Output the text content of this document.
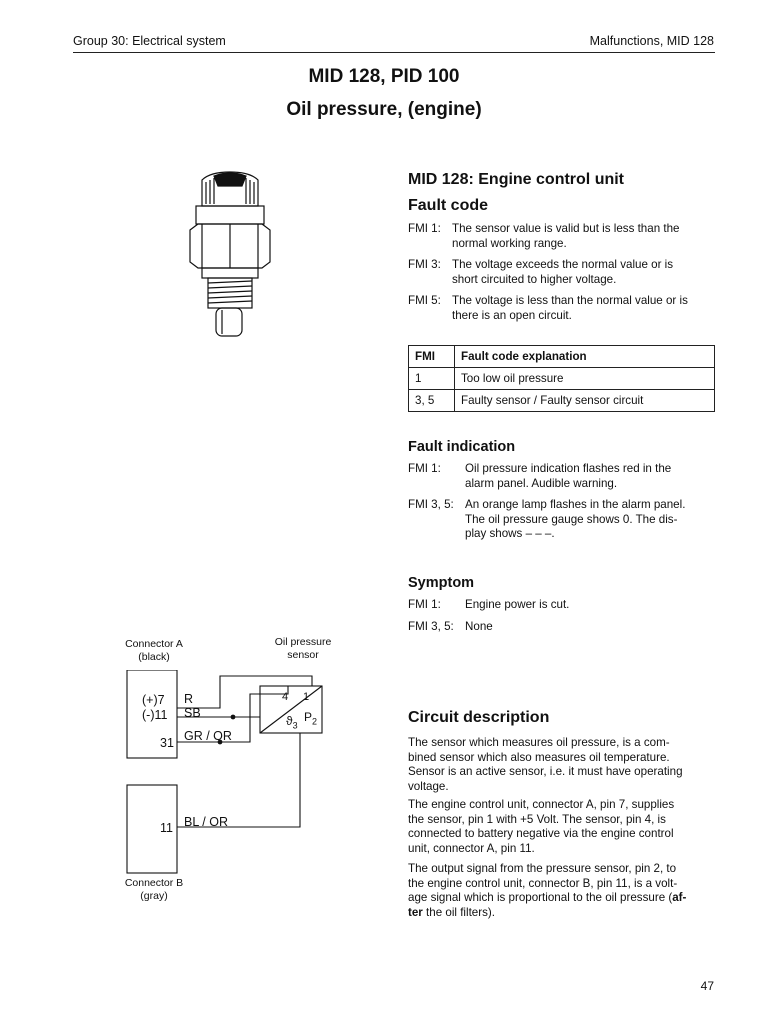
Group 30: Electrical system	Malfunctions, MID 128
MID 128, PID 100
Oil pressure, (engine)
MID 128: Engine control unit
Fault code
FMI 1: The sensor value is valid but is less than the
normal working range.
FMI 3: The voltage exceeds the normal value or is
short circuited to higher voltage.
FMI 5: The voltage is less than the normal value or is
there is an open circuit.
FMI	Fault code explanation
1	Too low oil pressure
3, 5	Faulty sensor / Faulty sensor circuit
Fault indication
FMI 1:	Oil pressure indication flashes red in the
alarm panel. Audible warning.
FMI 3, 5: An orange lamp flashes in the alarm panel.
The oil pressure gauge shows 0. The dis-
play shows – – –.
Symptom
FMI 1:	Engine power is cut.
FMI 3, 5: None
Circuit description
The sensor which measures oil pressure, is a com-
bined sensor which also measures oil temperature.
Sensor is an active sensor, i.e. it must have operating
voltage.
The engine control unit, connector A, pin 7, supplies
the sensor, pin 1 with +5 Volt. The sensor, pin 4, is
connected to battery negative via the engine control
unit, connector A, pin 11.
The output signal from the pressure sensor, pin 2, to
the engine control unit, connector B, pin 11, is a volt-
age signal which is proportional to the oil pressure (af-
ter the oil filters).
Connector A
(black)
Oil pressure
sensor
(+)7
(-)11
31
R
SB
GR / OR
4 1
$ϑ_3$
$P_2$
11 BL / OR
Connector B
(gray)
47
